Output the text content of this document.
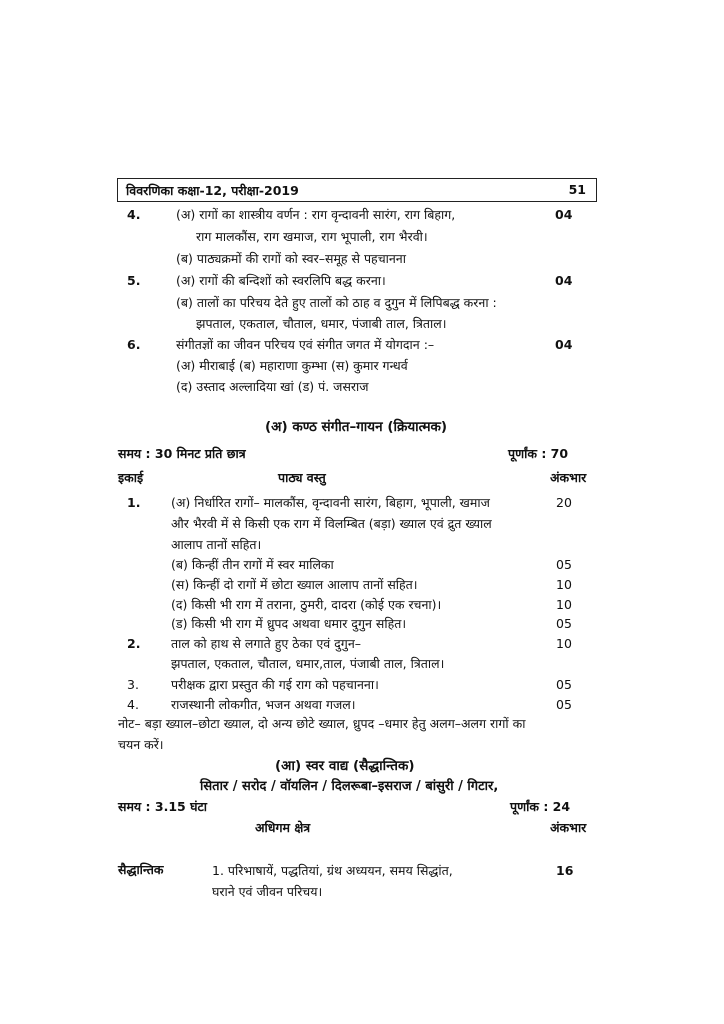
विवरणिका कक्षा-12, परीक्षा-2019	51
4.	(अ) रागों का शास्त्रीय वर्णन : राग वृन्दावनी सारंग, राग बिहाग,	04
राग मालकौंस, राग खमाज, राग भूपाली, राग भैरवी।
(ब) पाठ्यक्रमों की रागों को स्वर–समूह से पहचानना
5.	(अ) रागों की बन्दिशों को स्वरलिपि बद्ध करना।	04
(ब) तालों का परिचय देते हुए तालों को ठाह व दुगुन में लिपिबद्ध करना :
झपताल, एकताल, चौताल, धमार, पंजाबी ताल, त्रिताल।
6.	संगीतज्ञों का जीवन परिचय एवं संगीत जगत में योगदान :–	04
(अ) मीराबाई (ब) महाराणा कुम्भा (स) कुमार गन्धर्व
(द) उस्ताद अल्लादिया खां (ड) पं. जसराज
(अ) कण्ठ संगीत–गायन (क्रियात्मक)
समय : 30 मिनट प्रति छात्र	पूर्णांक : 70
इकाई	पाठ्य वस्तु	अंकभार
1. (अ) निर्धारित रागों– मालकौंस, वृन्दावनी सारंग, बिहाग, भूपाली, खमाज	20
और भैरवी में से किसी एक राग में विलम्बित (बड़ा) ख्याल एवं द्रुत ख्याल
आलाप तानों सहित।
(ब) किन्हीं तीन रागों में स्वर मालिका	05
(स) किन्हीं दो रागों में छोटा ख्याल आलाप तानों सहित।	10
(द) किसी भी राग में तराना, ठुमरी, दादरा (कोई एक रचना)।	10
(ड) किसी भी राग में ध्रुपद अथवा धमार दुगुन सहित।	05
2. ताल को हाथ से लगाते हुए ठेका एवं दुगुन–	10
झपताल, एकताल, चौताल, धमार,ताल, पंजाबी ताल, त्रिताल।
3.	परीक्षक द्वारा प्रस्तुत की गई राग को पहचानना।	05
4.	राजस्थानी लोकगीत, भजन अथवा गजल।	05
नोट– बड़ा ख्याल–छोटा ख्याल, दो अन्य छोटे ख्याल, ध्रुपद –धमार हेतु अलग–अलग रागों का
चयन करें।
(आ) स्वर वाद्य (सैद्धान्तिक)
सितार / सरोद / वॉयलिन / दिलरूबा–इसराज / बांसुरी / गिटार,
समय : 3.15 घंटा	पूर्णांक : 24
अधिगम क्षेत्र	अंकभार
सैद्धान्तिक	1. परिभाषायें, पद्धतियां, ग्रंथ अध्ययन, समय सिद्धांत,	16
घराने एवं जीवन परिचय।
